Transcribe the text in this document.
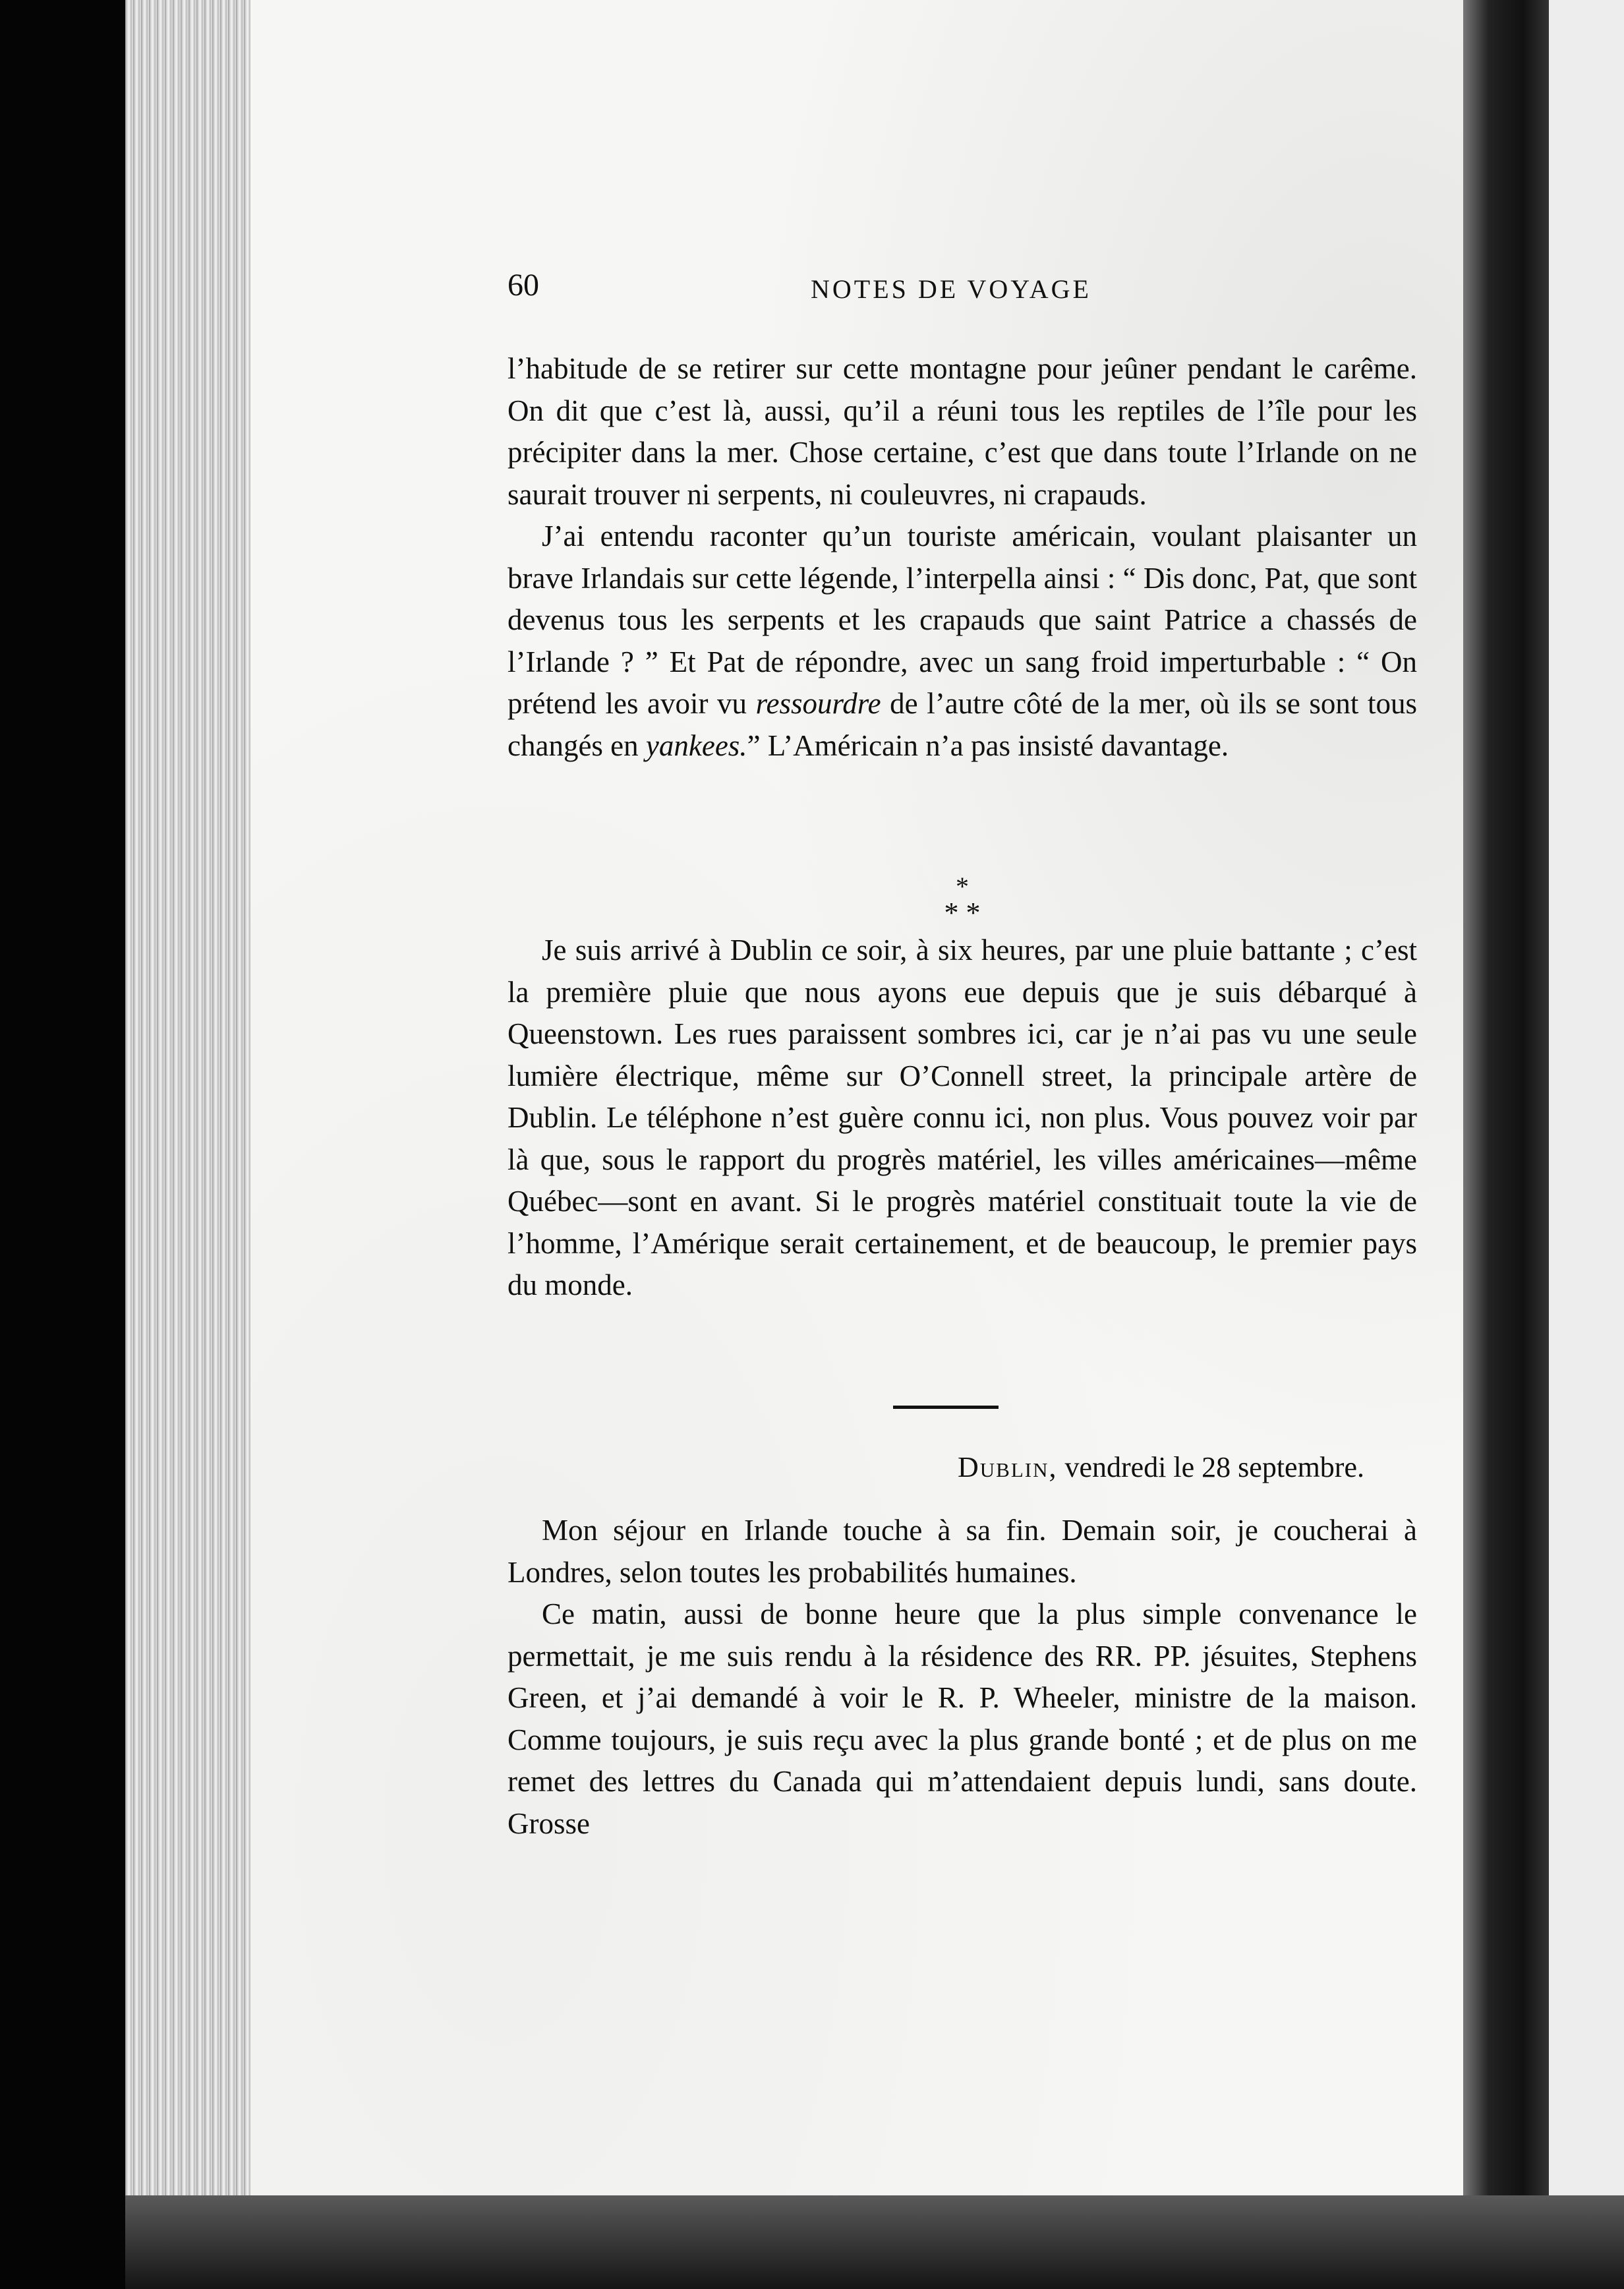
60	NOTES DE VOYAGE

l’habitude de se retirer sur cette montagne pour jeûner pendant le carême. On dit que c’est là, aussi, qu’il a réuni tous les reptiles de l’île pour les précipiter dans la mer. Chose certaine, c’est que dans toute l’Irlande on ne saurait trouver ni serpents, ni couleuvres, ni crapauds.

J’ai entendu raconter qu’un touriste américain, voulant plaisanter un brave Irlandais sur cette légende, l’interpella ainsi : “ Dis donc, Pat, que sont devenus tous les serpents et les crapauds que saint Patrice a chassés de l’Irlande ? ” Et Pat de répondre, avec un sang froid imperturbable : “ On prétend les avoir vu ressourdre de l’autre côté de la mer, où ils se sont tous changés en yankees.” L’Américain n’a pas insisté davantage.

*
* *

Je suis arrivé à Dublin ce soir, à six heures, par une pluie battante ; c’est la première pluie que nous ayons eue depuis que je suis débarqué à Queenstown. Les rues paraissent sombres ici, car je n’ai pas vu une seule lumière électrique, même sur O’Connell street, la principale artère de Dublin. Le téléphone n’est guère connu ici, non plus. Vous pouvez voir par là que, sous le rapport du progrès matériel, les villes américaines—même Québec—sont en avant. Si le progrès matériel constituait toute la vie de l’homme, l’Amérique serait certainement, et de beaucoup, le premier pays du monde.

Dublin, vendredi le 28 septembre.

Mon séjour en Irlande touche à sa fin. Demain soir, je coucherai à Londres, selon toutes les probabilités humaines.

Ce matin, aussi de bonne heure que la plus simple convenance le permettait, je me suis rendu à la résidence des RR. PP. jésuites, Stephens Green, et j’ai demandé à voir le R. P. Wheeler, ministre de la maison. Comme toujours, je suis reçu avec la plus grande bonté ; et de plus on me remet des lettres du Canada qui m’attendaient depuis lundi, sans doute. Grosse
